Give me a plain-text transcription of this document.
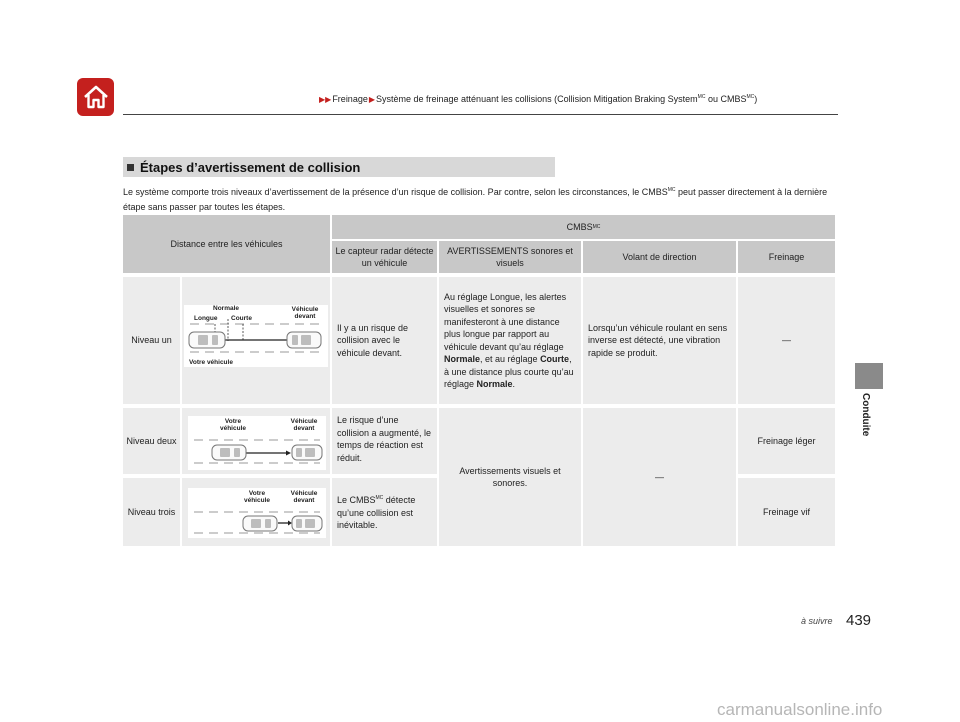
▶▶Freinage▶Système de freinage atténuant les collisions (Collision Mitigation Braking System$^{MC}$ ou $CMBS^{MC}$)
Conduite
Étapes d’avertissement de collision
Le système comporte trois niveaux d’avertissement de la présence d’un risque de collision. Par contre, selon les circonstances, le $CMBS^{MC}$ peut passer directement à la dernière étape sans passer par toutes les étapes.
Distance entre les véhicules
CMBS MC
Le capteur radar détecte un véhicule
AVERTISSEMENTS sonores et visuels
Volant de direction	Freinage
Niveau un
Normale
Longue Courte
Véhicule devant
Votre véhicule
Il y a un risque de collision avec le véhicule devant.
Au réglage Longue, les alertes visuelles et sonores se manifesteront à une distance plus longue par rapport au véhicule devant qu’au réglage Normale, et au réglage Courte, à une distance plus courte qu’au réglage Normale.
Lorsqu’un véhicule roulant en sens inverse est détecté, une vibration rapide se produit.
—
Niveau deux
Votre véhicule
Véhicule devant
Le risque d’une collision a augmenté, le temps de réaction est réduit.
Freinage léger
Avertissements visuels et sonores.
—
Niveau trois
Votre véhicule
Véhicule devant	Le $CMBS^{MC}$ détecte qu’une collision est inévitable.
Freinage vif
à suivre 439
carmanualsonline.info
